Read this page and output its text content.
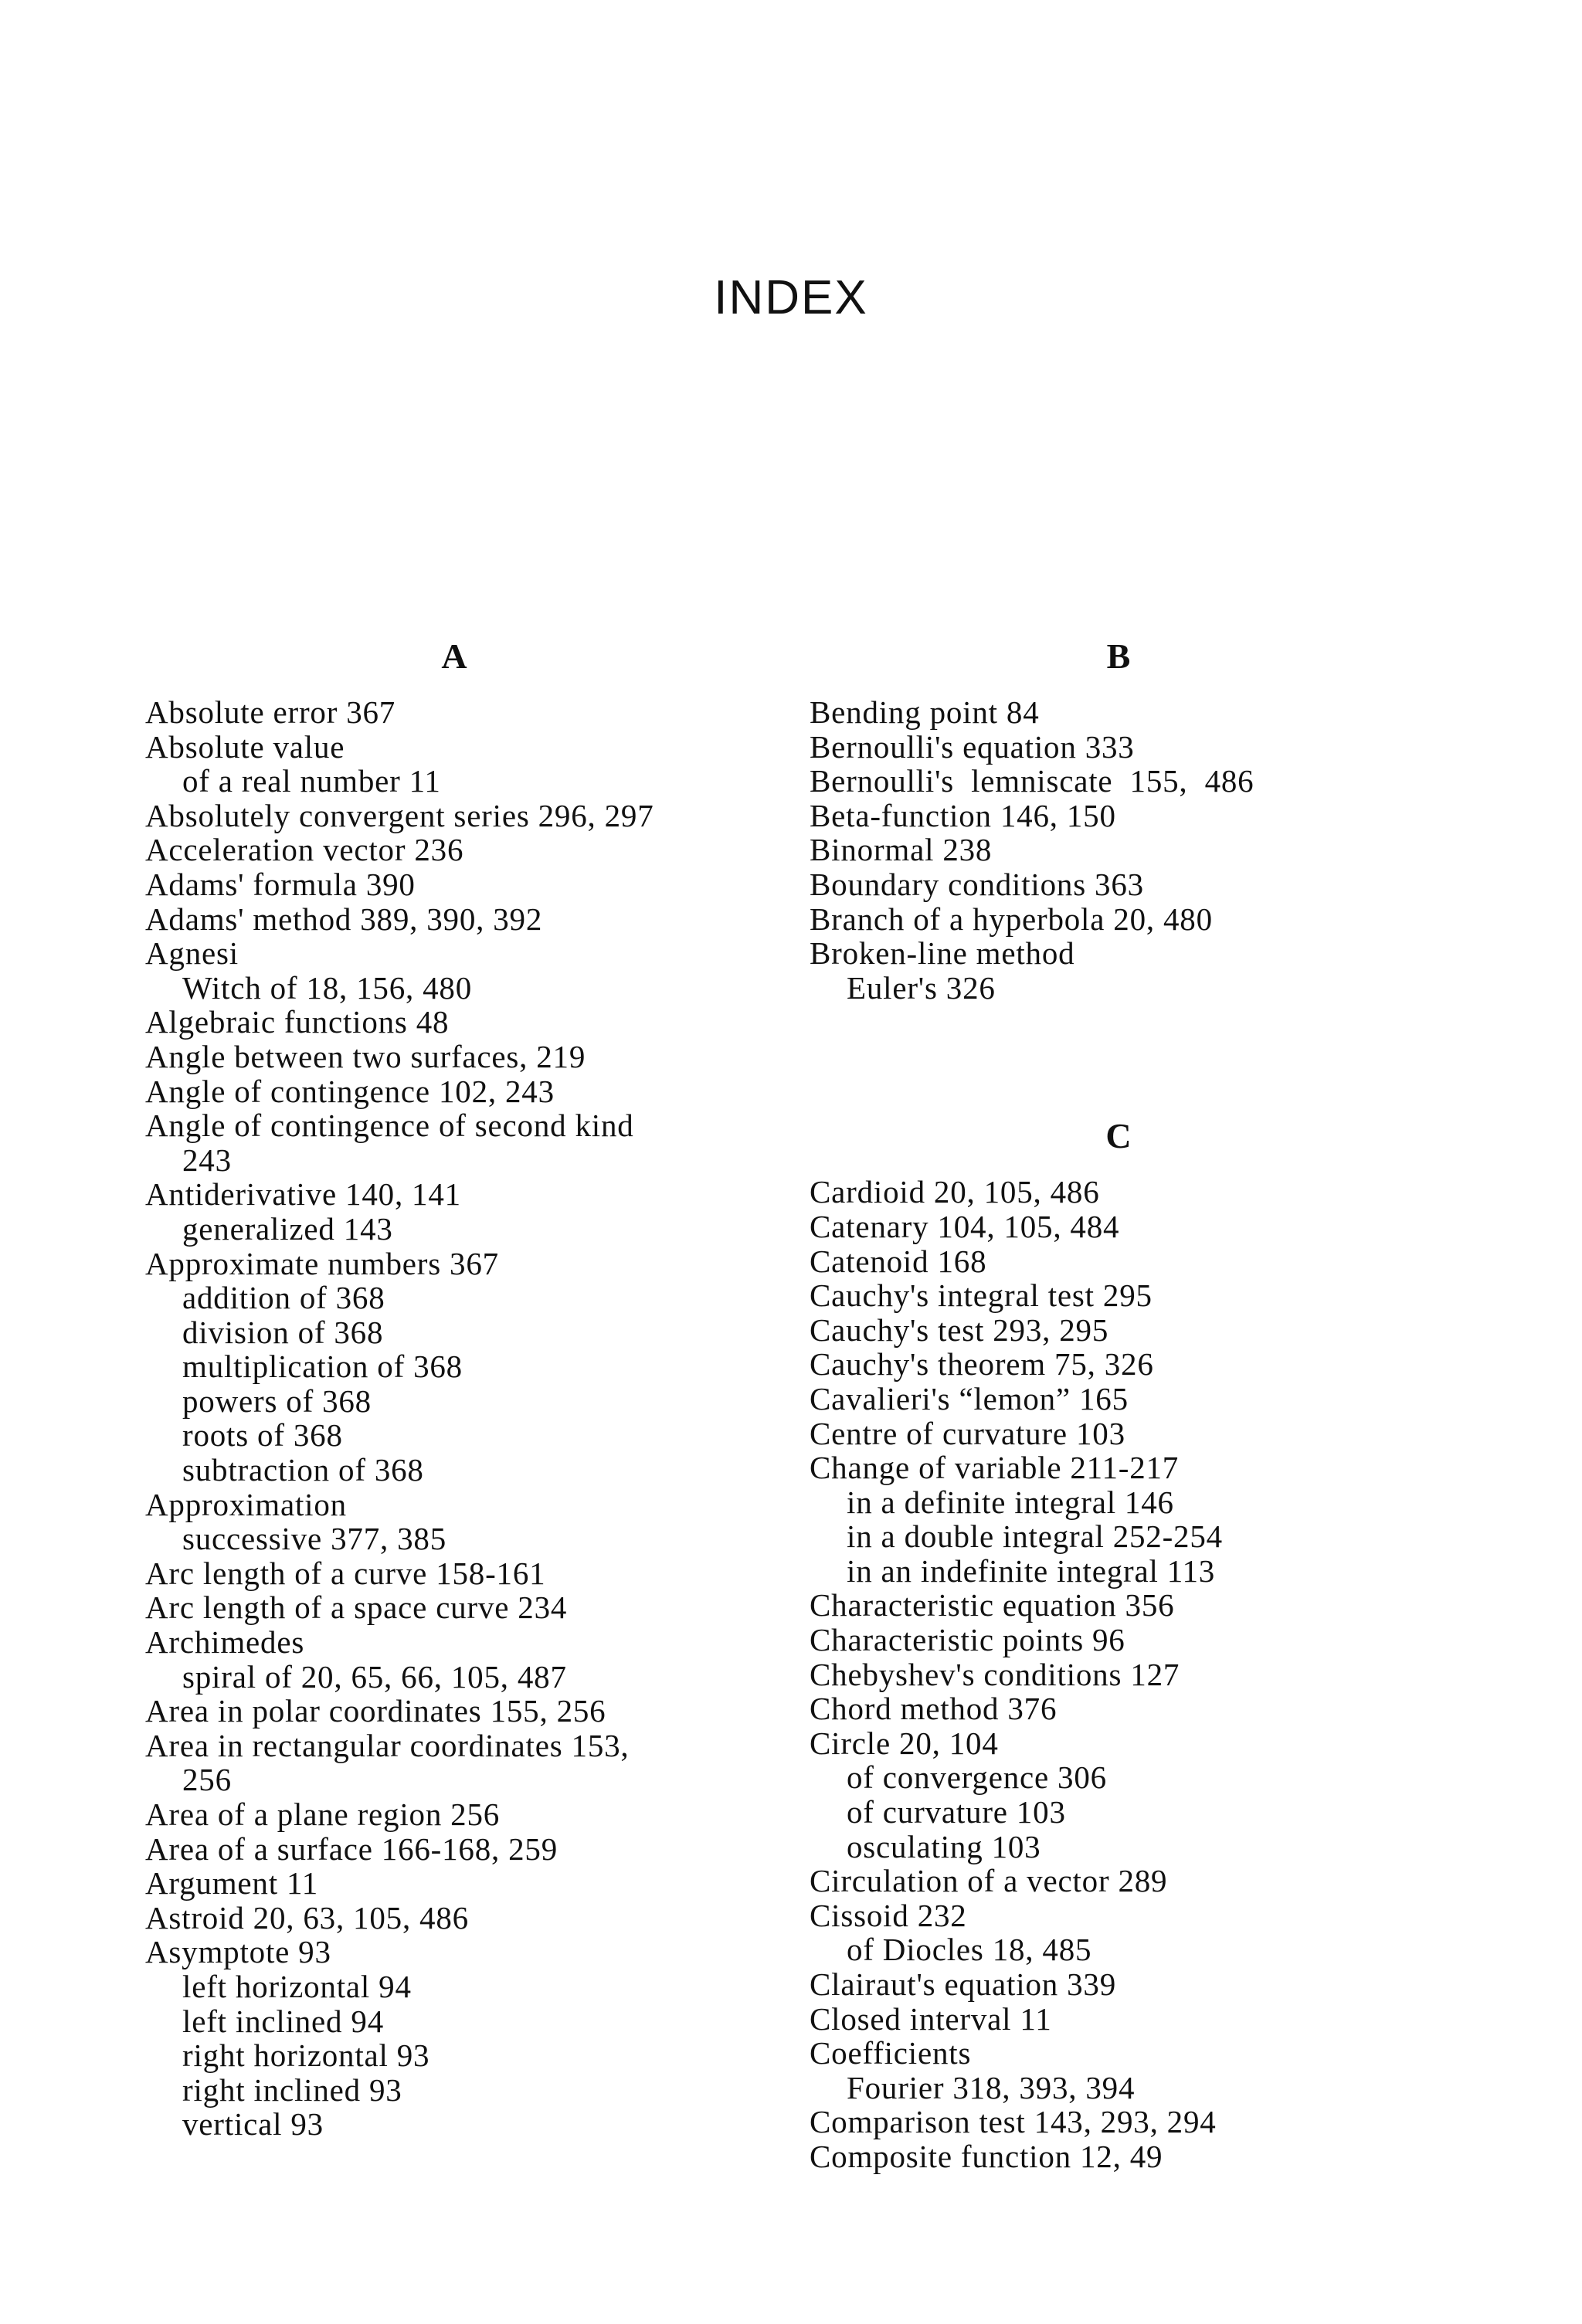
INDEX
A
Absolute error 367
Absolute value
of a real number 11
Absolutely convergent series 296, 297
Acceleration vector 236
Adams' formula 390
Adams' method 389, 390, 392
Agnesi
Witch of 18, 156, 480
Algebraic functions 48
Angle between two surfaces, 219
Angle of contingence 102, 243
Angle of contingence of second kind
243
Antiderivative 140, 141
generalized 143
Approximate numbers 367
addition of 368
division of 368
multiplication of 368
powers of 368
roots of 368
subtraction of 368
Approximation
successive 377, 385
Arc length of a curve 158-161
Arc length of a space curve 234
Archimedes
spiral of 20, 65, 66, 105, 487
Area in polar coordinates 155, 256
Area in rectangular coordinates 153,
256
Area of a plane region 256
Area of a surface 166-168, 259
Argument 11
Astroid 20, 63, 105, 486
Asymptote 93
left horizontal 94
left inclined 94
right horizontal 93
right inclined 93
vertical 93
B
Bending point 84
Bernoulli's equation 333
Bernoulli's  lemniscate  155,  486
Beta-function 146, 150
Binormal 238
Boundary conditions 363
Branch of a hyperbola 20, 480
Broken-line method
Euler's 326
C
Cardioid 20, 105, 486
Catenary 104, 105, 484
Catenoid 168
Cauchy's integral test 295
Cauchy's test 293, 295
Cauchy's theorem 75, 326
Cavalieri's “lemon” 165
Centre of curvature 103
Change of variable 211-217
in a definite integral 146
in a double integral 252-254
in an indefinite integral 113
Characteristic equation 356
Characteristic points 96
Chebyshev's conditions 127
Chord method 376
Circle 20, 104
of convergence 306
of curvature 103
osculating 103
Circulation of a vector 289
Cissoid 232
of Diocles 18, 485
Clairaut's equation 339
Closed interval 11
Coefficients
Fourier 318, 393, 394
Comparison test 143, 293, 294
Composite function 12, 49
